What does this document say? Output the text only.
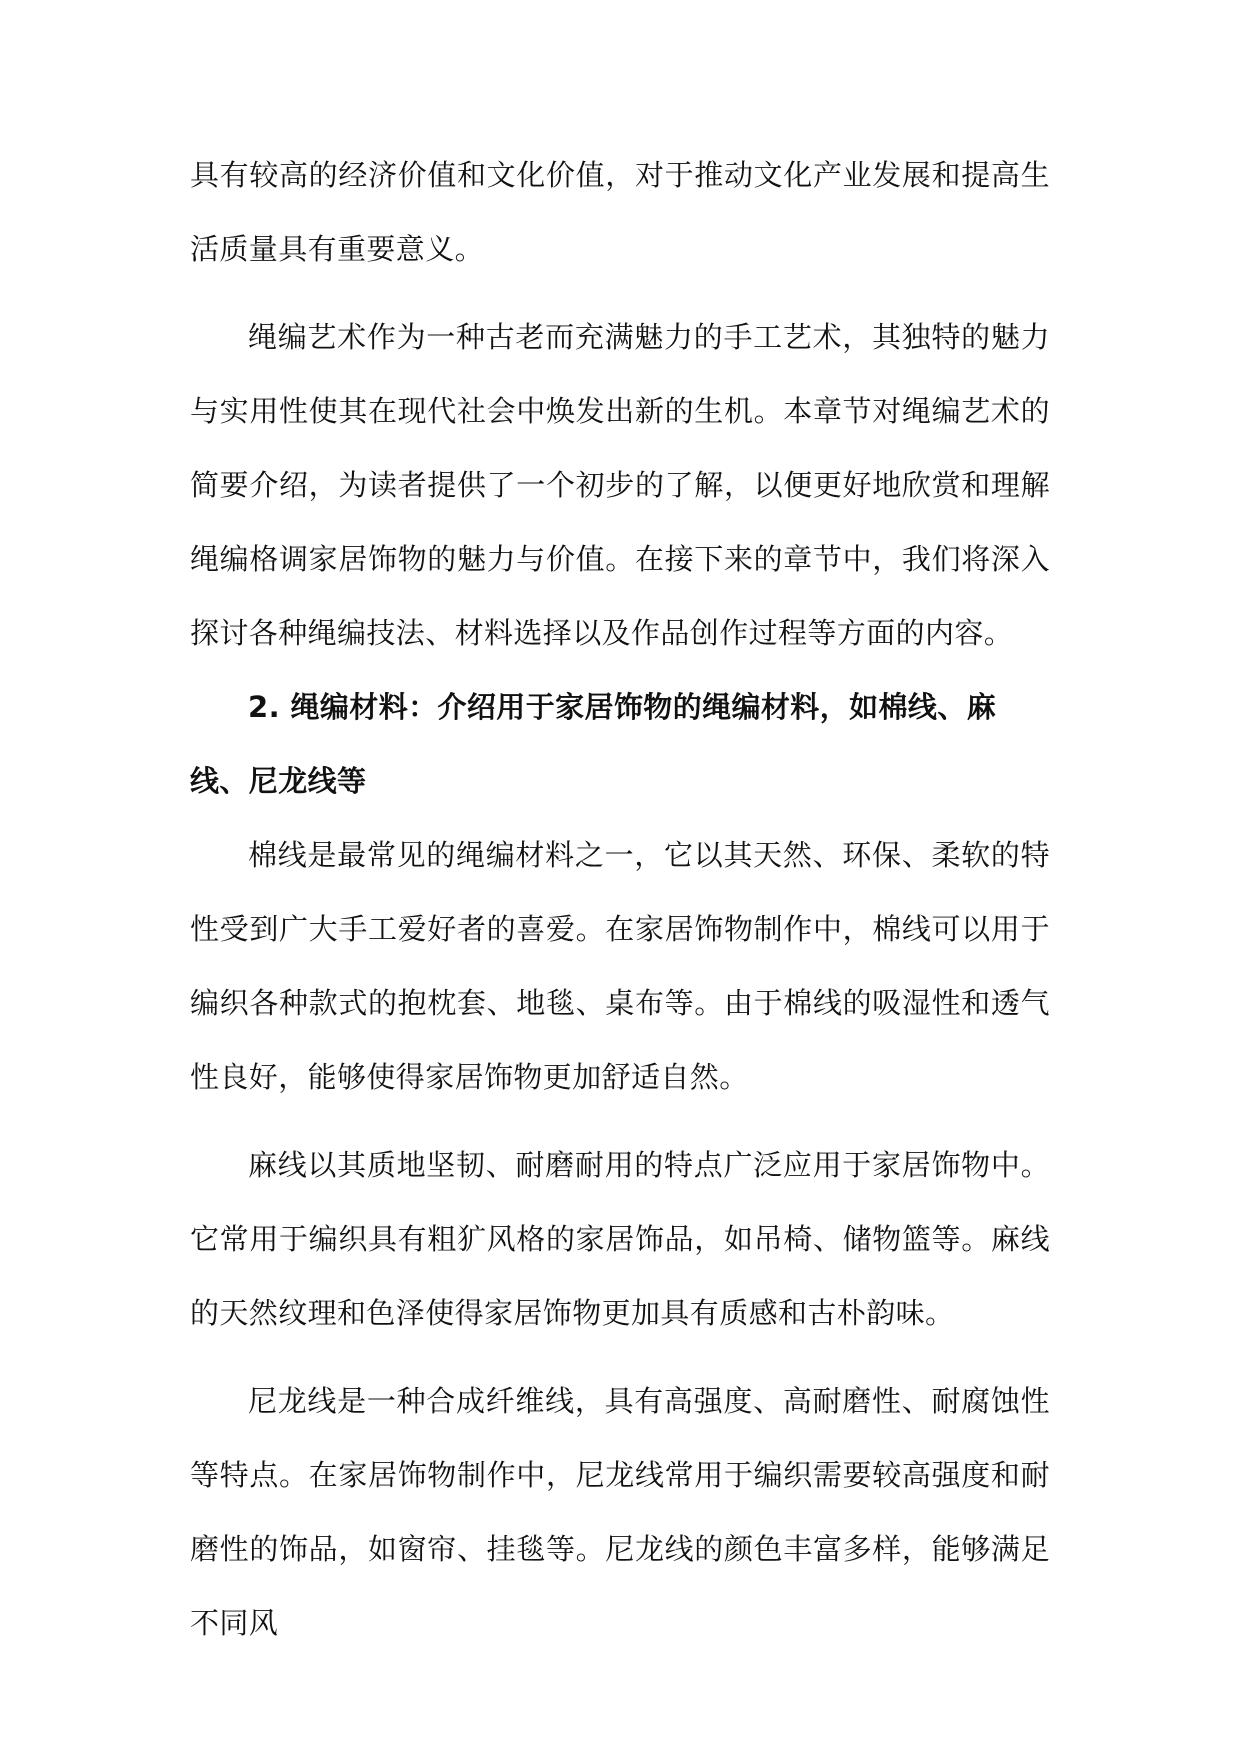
具有较高的经济价值和文化价值，对于推动文化产业发展和提高生活质量具有重要意义。

绳编艺术作为一种古老而充满魅力的手工艺术，其独特的魅力与实用性使其在现代社会中焕发出新的生机。本章节对绳编艺术的简要介绍，为读者提供了一个初步的了解，以便更好地欣赏和理解绳编格调家居饰物的魅力与价值。在接下来的章节中，我们将深入探讨各种绳编技法、材料选择以及作品创作过程等方面的内容。

2. 绳编材料：介绍用于家居饰物的绳编材料，如棉线、麻线、尼龙线等

棉线是最常见的绳编材料之一，它以其天然、环保、柔软的特性受到广大手工爱好者的喜爱。在家居饰物制作中，棉线可以用于编织各种款式的抱枕套、地毯、桌布等。由于棉线的吸湿性和透气性良好，能够使得家居饰物更加舒适自然。

麻线以其质地坚韧、耐磨耐用的特点广泛应用于家居饰物中。它常用于编织具有粗犷风格的家居饰品，如吊椅、储物篮等。麻线的天然纹理和色泽使得家居饰物更加具有质感和古朴韵味。

尼龙线是一种合成纤维线，具有高强度、高耐磨性、耐腐蚀性等特点。在家居饰物制作中，尼龙线常用于编织需要较高强度和耐磨性的饰品，如窗帘、挂毯等。尼龙线的颜色丰富多样，能够满足不同风
